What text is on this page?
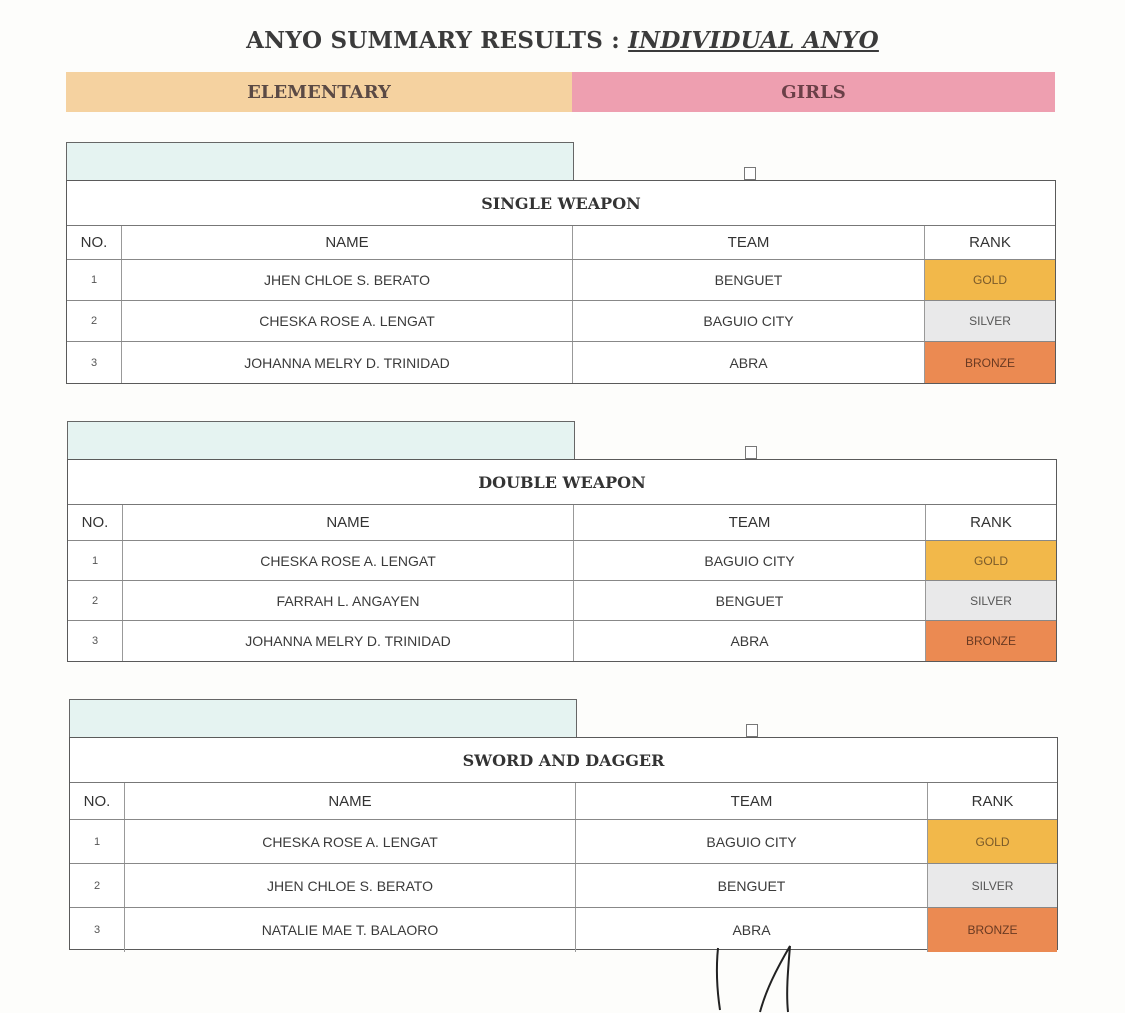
ANYO SUMMARY RESULTS : INDIVIDUAL ANYO
ELEMENTARY	GIRLS
SINGLE WEAPON
NO.	NAME	TEAM	RANK
1	JHEN CHLOE S. BERATO	BENGUET	GOLD
2	CHESKA ROSE A. LENGAT	BAGUIO CITY	SILVER
3	JOHANNA MELRY D. TRINIDAD	ABRA	BRONZE
DOUBLE WEAPON
NO.	NAME	TEAM	RANK
1	CHESKA ROSE A. LENGAT	BAGUIO CITY	GOLD
2	FARRAH L. ANGAYEN	BENGUET	SILVER
3	JOHANNA MELRY D. TRINIDAD	ABRA	BRONZE
SWORD AND DAGGER
NO.	NAME	TEAM	RANK
1	CHESKA ROSE A. LENGAT	BAGUIO CITY	GOLD
2	JHEN CHLOE S. BERATO	BENGUET	SILVER
3	NATALIE MAE T. BALAORO	ABRA	BRONZE
